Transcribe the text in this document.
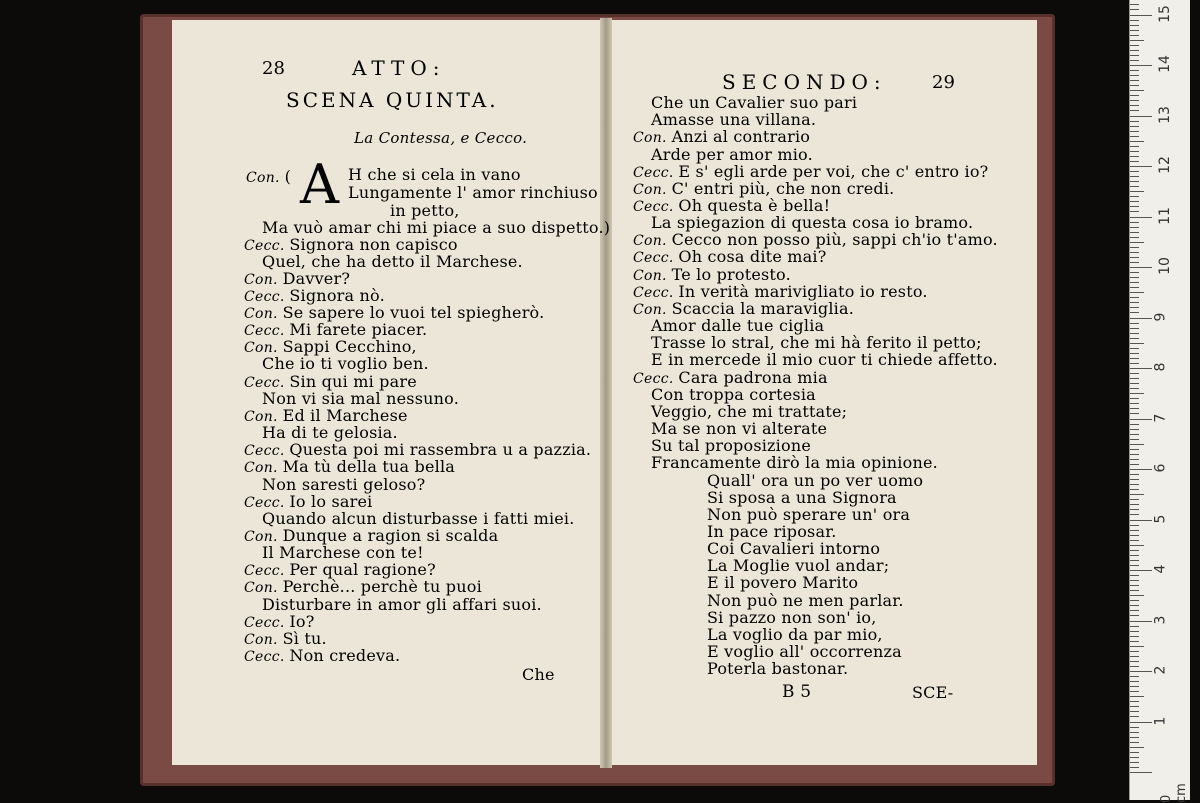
28	ATTO:
SCENA QUINTA.
La Contessa, e Cecco.
A
Con. (	H che si cela in vano
Lungamente l' amor rinchiuso
in petto,
Ma vuò amar chi mi piace a suo dispetto.)
Cecc. Signora non capisco
Quel, che ha detto il Marchese.
Con. Davver?
Cecc. Signora nò.
Con. Se sapere lo vuoi tel spiegherò.
Cecc. Mi farete piacer.
Con. Sappi Cecchino,
Che io ti voglio ben.
Cecc. Sin qui mi pare
Non vi sia mal nessuno.
Con. Ed il Marchese
Ha di te gelosia.
Cecc. Questa poi mi rassembra u a pazzia.
Con. Ma tù della tua bella
Non saresti geloso?
Cecc. Io lo sarei
Quando alcun disturbasse i fatti miei.
Con. Dunque a ragion si scalda
Il Marchese con te!
Cecc. Per qual ragione?
Con. Perchè... perchè tu puoi
Disturbare in amor gli affari suoi.
Cecc. Io?
Con. Sì tu.
Cecc. Non credeva.
Che
SECONDO:	29
Che un Cavalier suo pari
Amasse una villana.
Con. Anzi al contrario
Arde per amor mio.
Cecc. E s' egli arde per voi, che c' entro io?
Con. C' entri più, che non credi.
Cecc. Oh questa è bella!
La spiegazion di questa cosa io bramo.
Con. Cecco non posso più, sappi ch'io t'amo.
Cecc. Oh cosa dite mai?
Con. Te lo protesto.
Cecc. In verità marivigliato io resto.
Con. Scaccia la maraviglia.
Amor dalle tue ciglia
Trasse lo stral, che mi hà ferito il petto;
E in mercede il mio cuor ti chiede affetto.
Cecc. Cara padrona mia
Con troppa cortesia
Veggio, che mi trattate;
Ma se non vi alterate
Su tal proposizione
Francamente dirò la mia opinione.
Quall' ora un po ver uomo
Si sposa a una Signora
Non può sperare un' ora
In pace riposar.
Coi Cavalieri intorno
La Moglie vuol andar;
E il povero Marito
Non può ne men parlar.
Si pazzo non son' io,
La voglio da par mio,
E voglio all' occorrenza
Poterla bastonar.
B 5	SCE-
0 cm
1
2
3
4
5
6
7
8
9
10
11
12
13
14
15
